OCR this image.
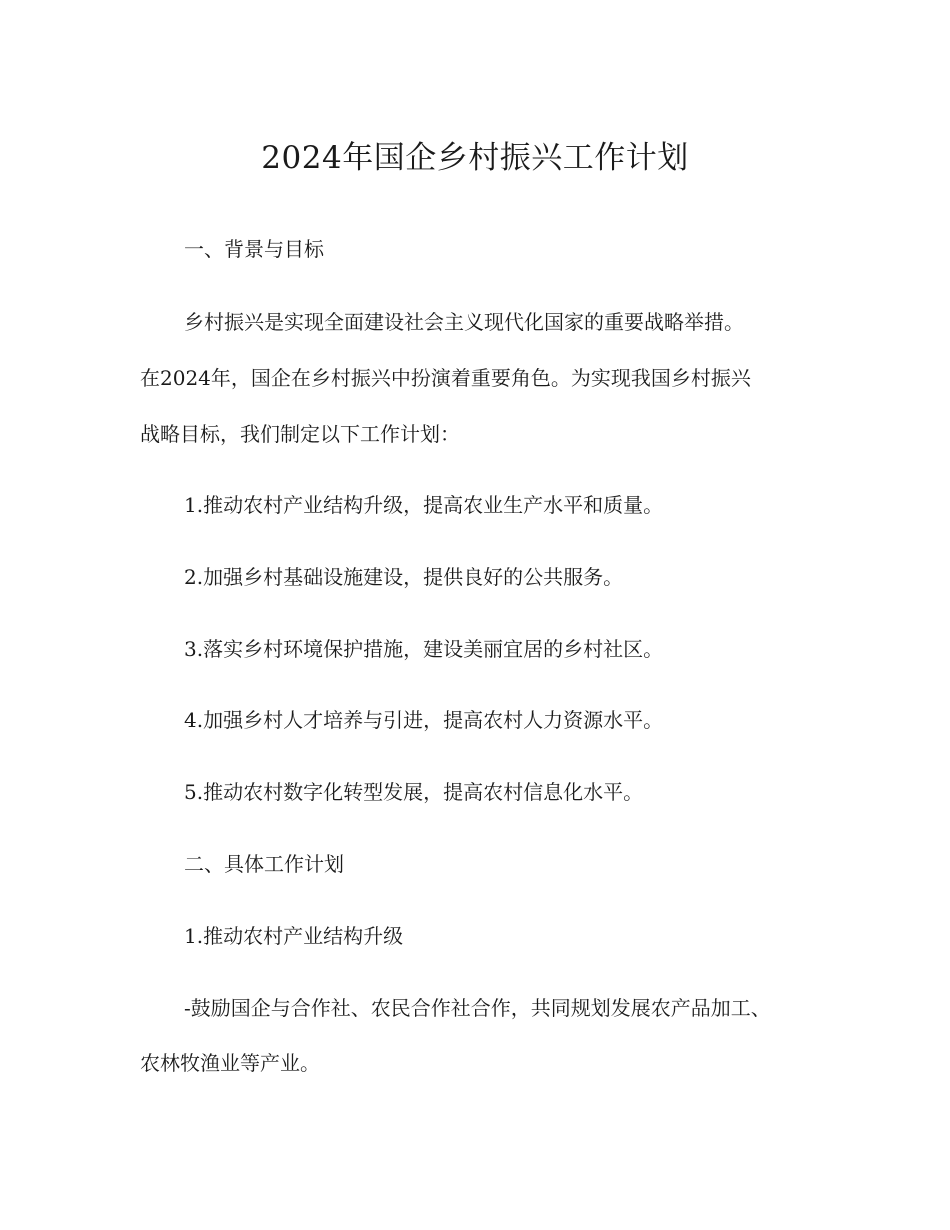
2024年国企乡村振兴工作计划
一、背景与目标
乡村振兴是实现全面建设社会主义现代化国家的重要战略举措。
在2024年，国企在乡村振兴中扮演着重要角色。为实现我国乡村振兴
战略目标，我们制定以下工作计划：
1.推动农村产业结构升级，提高农业生产水平和质量。
2.加强乡村基础设施建设，提供良好的公共服务。
3.落实乡村环境保护措施，建设美丽宜居的乡村社区。
4.加强乡村人才培养与引进，提高农村人力资源水平。
5.推动农村数字化转型发展，提高农村信息化水平。
二、具体工作计划
1.推动农村产业结构升级
-鼓励国企与合作社、农民合作社合作，共同规划发展农产品加工、
农林牧渔业等产业。
